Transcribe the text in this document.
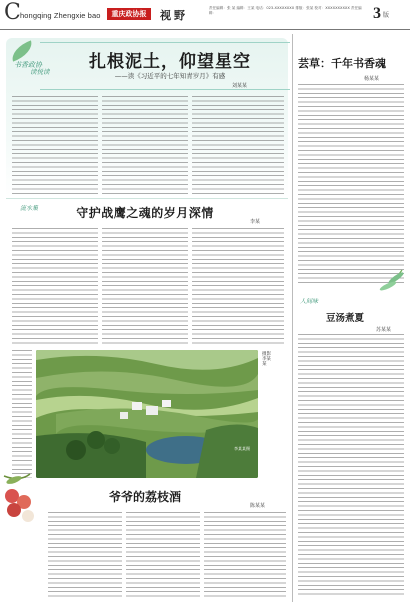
C hongqing Zhengxie bao	重庆政协报	视野
责任编辑：张 某 编辑：王某 电话：023-XXXXXXXX 排版：张某 校对：XXXXXXXXXX 责任编辑：	3 版
书香政协
读悦读	扎根泥土，仰望星空
——读《习近平的七年知青岁月》有感
刘某某
芸草：千年书香魂
杨某某
流水集	守护战鹰之魂的岁月深情
李某
李某某摄
摄影 李某某
爷爷的荔枝酒
陈某某
人间味
豆汤煮夏
苏某某
